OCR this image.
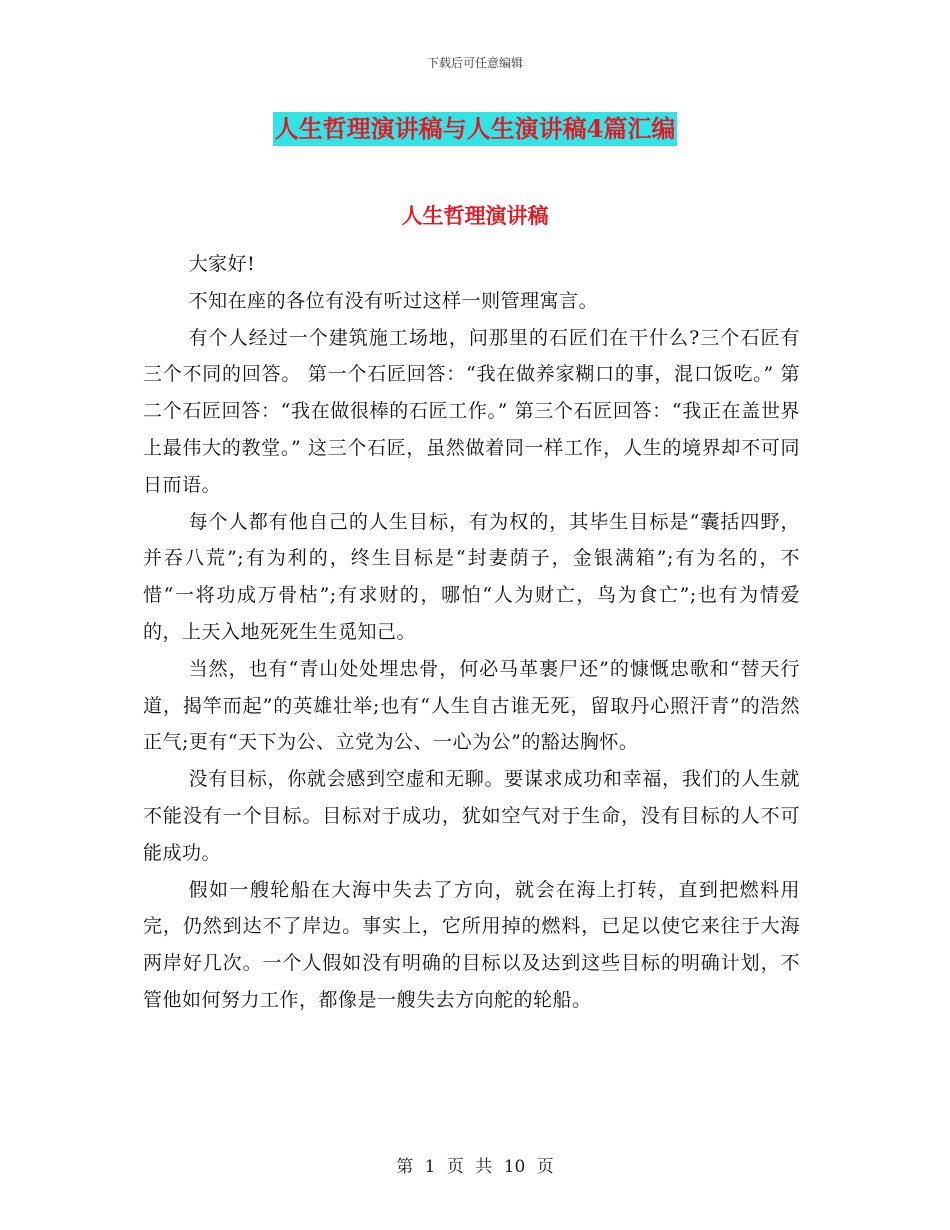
下载后可任意编辑
人生哲理演讲稿与人生演讲稿4篇汇编
人生哲理演讲稿

大家好!

不知在座的各位有没有听过这样一则管理寓言。

有个人经过一个建筑施工场地，问那里的石匠们在干什么?三个石匠有三个不同的回答。 第一个石匠回答：“我在做养家糊口的事，混口饭吃。” 第二个石匠回答：“我在做很棒的石匠工作。” 第三个石匠回答：“我正在盖世界上最伟大的教堂。” 这三个石匠，虽然做着同一样工作，人生的境界却不可同日而语。

每个人都有他自己的人生目标，有为权的，其毕生目标是“囊括四野，并吞八荒”;有为利的，终生目标是“封妻荫子，金银满箱”;有为名的，不惜“一将功成万骨枯”;有求财的，哪怕“人为财亡，鸟为食亡”;也有为情爱的，上天入地死死生生觅知己。

当然，也有“青山处处埋忠骨，何必马革裹尸还”的慷慨忠歌和“替天行道，揭竿而起”的英雄壮举;也有“人生自古谁无死，留取丹心照汗青”的浩然正气;更有“天下为公、立党为公、一心为公”的豁达胸怀。

没有目标，你就会感到空虚和无聊。要谋求成功和幸福，我们的人生就不能没有一个目标。目标对于成功，犹如空气对于生命，没有目标的人不可能成功。

假如一艘轮船在大海中失去了方向，就会在海上打转，直到把燃料用完，仍然到达不了岸边。事实上，它所用掉的燃料，已足以使它来往于大海两岸好几次。一个人假如没有明确的目标以及达到这些目标的明确计划，不管他如何努力工作，都像是一艘失去方向舵的轮船。

第 1 页 共 10 页
